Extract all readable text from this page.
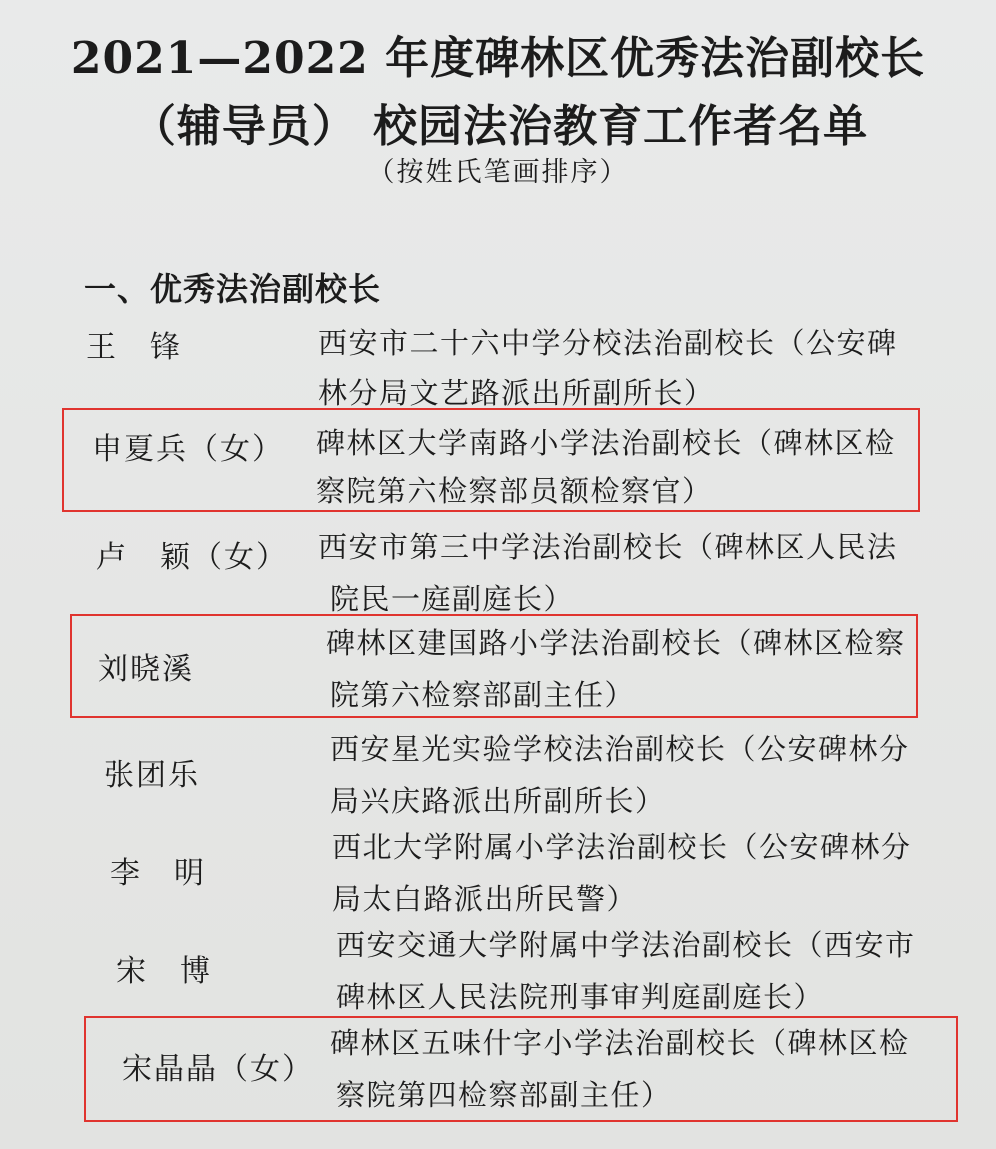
2021—2022 年度碑林区优秀法治副校长
（辅导员） 校园法治教育工作者名单
（按姓氏笔画排序）
一、优秀法治副校长
王　锋	西安市二十六中学分校法治副校长（公安碑
林分局文艺路派出所副所长）
申夏兵（女） 碑林区大学南路小学法治副校长（碑林区检
察院第六检察部员额检察官）
卢　颖（女） 西安市第三中学法治副校长（碑林区人民法
院民一庭副庭长）
刘晓溪
碑林区建国路小学法治副校长（碑林区检察
院第六检察部副主任）
张团乐
西安星光实验学校法治副校长（公安碑林分
局兴庆路派出所副所长）
李　明
西北大学附属小学法治副校长（公安碑林分
局太白路派出所民警）
宋　博
西安交通大学附属中学法治副校长（西安市
碑林区人民法院刑事审判庭副庭长）
宋晶晶（女）
碑林区五味什字小学法治副校长（碑林区检
察院第四检察部副主任）
